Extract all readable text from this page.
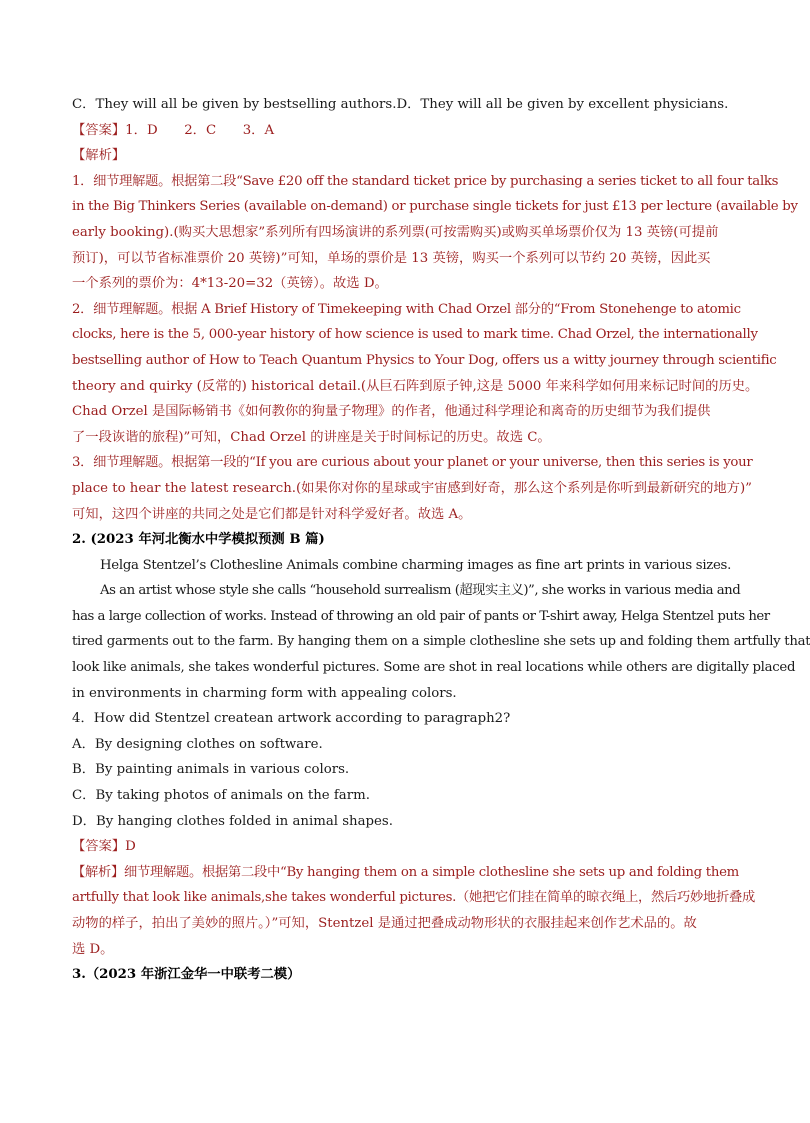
C．They will all be given by bestselling authors.D．They will all be given by excellent physicians.
【答案】1．D　　2．C　　3．A
【解析】
1．细节理解题。根据第二段“Save £20 off the standard ticket price by purchasing a series ticket to all four talks
in the Big Thinkers Series (available on-demand) or purchase single tickets for just £13 per lecture (available by
early booking).(购买大思想家”系列所有四场演讲的系列票(可按需购买)或购买单场票价仅为 13 英镑(可提前
预订)，可以节省标准票价 20 英镑)”可知，单场的票价是 13 英镑，购买一个系列可以节约 20 英镑，因此买
一个系列的票价为：4*13-20=32（英镑）。故选 D。
2．细节理解题。根据 A Brief History of Timekeeping with Chad Orzel 部分的“From Stonehenge to atomic
clocks, here is the 5, 000-year history of how science is used to mark time. Chad Orzel, the internationally
bestselling author of How to Teach Quantum Physics to Your Dog, offers us a witty journey through scientific
theory and quirky (反常的) historical detail.(从巨石阵到原子钟,这是 5000 年来科学如何用来标记时间的历史。
Chad Orzel 是国际畅销书《如何教你的狗量子物理》的作者，他通过科学理论和离奇的历史细节为我们提供
了一段诙谐的旅程)”可知，Chad Orzel 的讲座是关于时间标记的历史。故选 C。
3．细节理解题。根据第一段的“If you are curious about your planet or your universe, then this series is your
place to hear the latest research.(如果你对你的星球或宇宙感到好奇，那么这个系列是你听到最新研究的地方)”
可知，这四个讲座的共同之处是它们都是针对科学爱好者。故选 A。
2. (2023 年河北衡水中学模拟预测 B 篇)
Helga Stentzel’s Clothesline Animals combine charming images as fine art prints in various sizes.
As an artist whose style she calls “household surrealism (超现实主义)”, she works in various media and
has a large collection of works. Instead of throwing an old pair of pants or T-shirt away, Helga Stentzel puts her
tired garments out to the farm. By hanging them on a simple clothesline she sets up and folding them artfully that
look like animals, she takes wonderful pictures. Some are shot in real locations while others are digitally placed
in environments in charming form with appealing colors.
4．How did Stentzel createan artwork according to paragraph2?
A．By designing clothes on software.
B．By painting animals in various colors.
C．By taking photos of animals on the farm.
D．By hanging clothes folded in animal shapes.
【答案】D
【解析】细节理解题。根据第二段中“By hanging them on a simple clothesline she sets up and folding them
artfully that look like animals,she takes wonderful pictures.（她把它们挂在简单的晾衣绳上，然后巧妙地折叠成
动物的样子，拍出了美妙的照片。）”可知，Stentzel 是通过把叠成动物形状的衣服挂起来创作艺术品的。故
选 D。
3.（2023 年浙江金华一中联考二模）
